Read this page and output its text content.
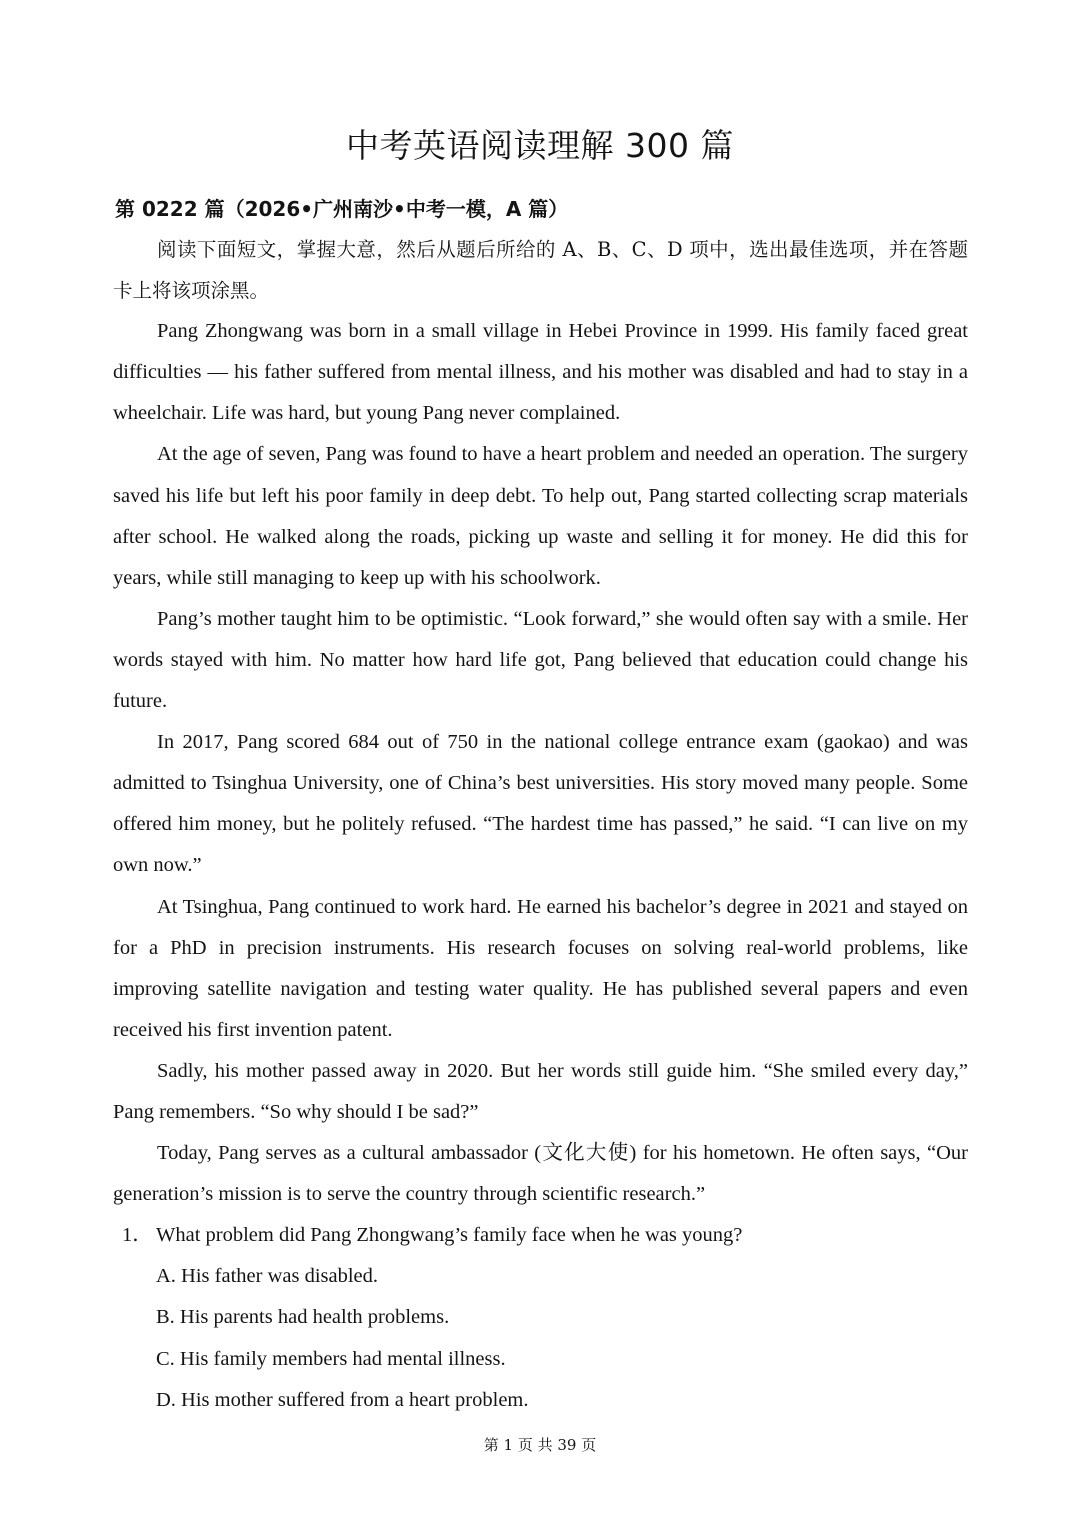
中考英语阅读理解 300 篇
第 0222 篇（2026•广州南沙•中考一模，A 篇）

阅读下面短文，掌握大意，然后从题后所给的 A、B、C、D 项中，选出最佳选项，并在答题卡上将该项涂黑。

Pang Zhongwang was born in a small village in Hebei Province in 1999. His family faced great difficulties — his father suffered from mental illness, and his mother was disabled and had to stay in a wheelchair. Life was hard, but young Pang never complained.

At the age of seven, Pang was found to have a heart problem and needed an operation. The surgery saved his life but left his poor family in deep debt. To help out, Pang started collecting scrap materials after school. He walked along the roads, picking up waste and selling it for money. He did this for years, while still managing to keep up with his schoolwork.

Pang’s mother taught him to be optimistic. “Look forward,” she would often say with a smile. Her words stayed with him. No matter how hard life got, Pang believed that education could change his future.

In 2017, Pang scored 684 out of 750 in the national college entrance exam (gaokao) and was admitted to Tsinghua University, one of China’s best universities. His story moved many people. Some offered him money, but he politely refused. “The hardest time has passed,” he said. “I can live on my own now.”

At Tsinghua, Pang continued to work hard. He earned his bachelor’s degree in 2021 and stayed on for a PhD in precision instruments. His research focuses on solving real-world problems, like improving satellite navigation and testing water quality. He has published several papers and even received his first invention patent.

Sadly, his mother passed away in 2020. But her words still guide him. “She smiled every day,” Pang remembers. “So why should I be sad?”

Today, Pang serves as a cultural ambassador (文化大使) for his hometown. He often says, “Our generation’s mission is to serve the country through scientific research.”

1． What problem did Pang Zhongwang’s family face when he was young?
A. His father was disabled.
B. His parents had health problems.
C. His family members had mental illness.
D. His mother suffered from a heart problem.
第 1 页 共 39 页
